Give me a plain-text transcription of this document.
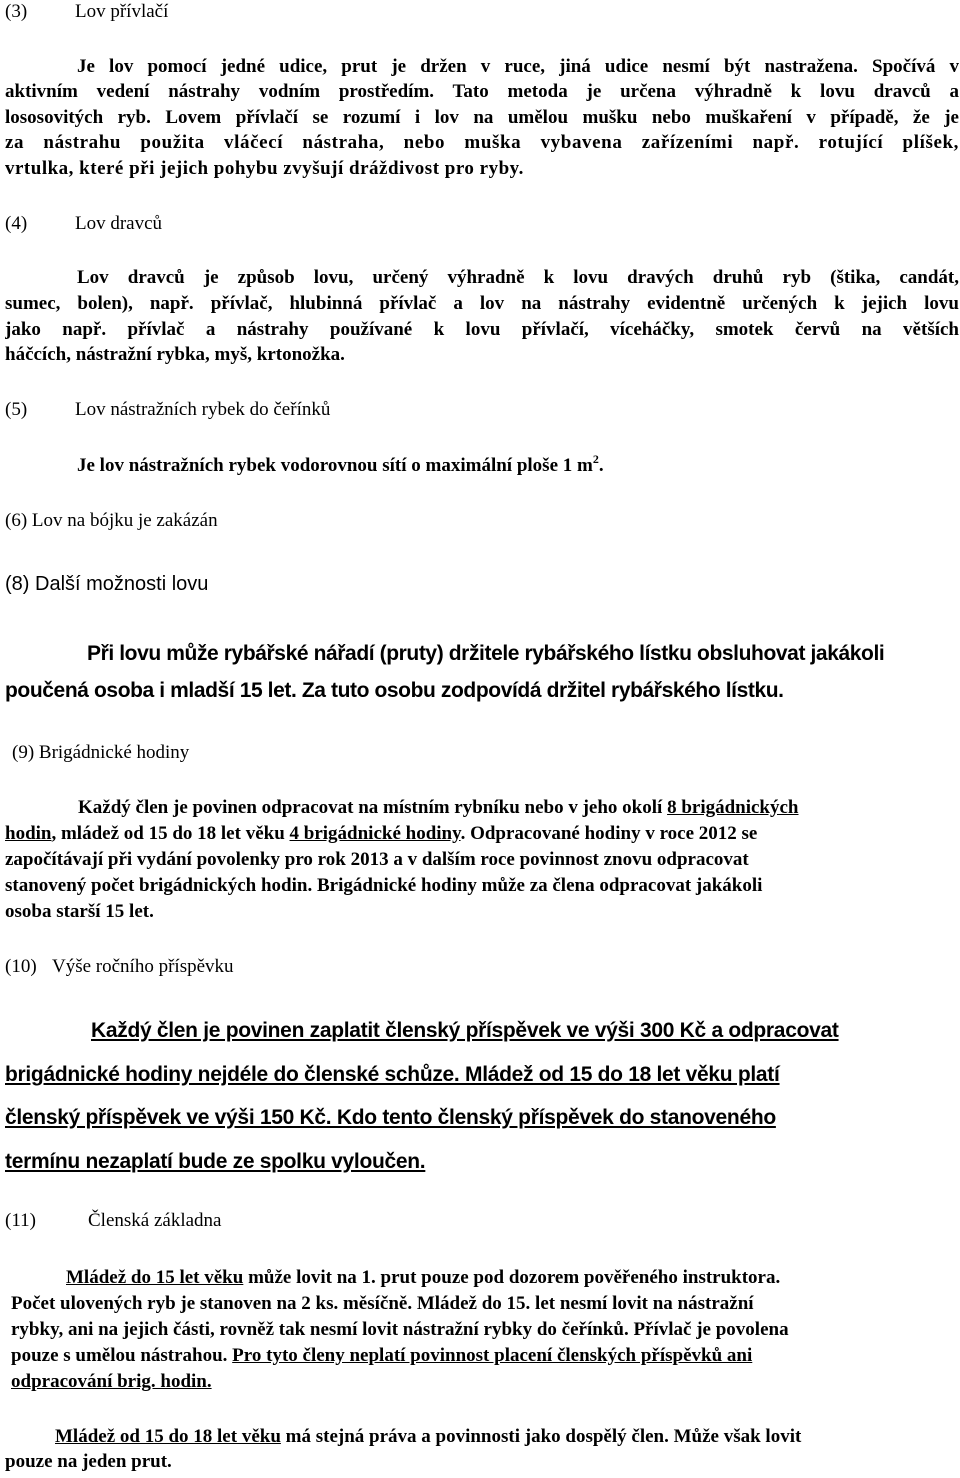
(3)	Lov přívlačí
Je lov pomocí jedné udice, prut je držen v ruce, jiná udice nesmí být nastražena. Spočívá v
aktivním vedení nástrahy vodním prostředím. Tato metoda je určena výhradně k lovu dravců a
lososovitých ryb. Lovem přívlačí se rozumí i lov na umělou mušku nebo muškaření v případě, že je
za nástrahu použita vláčecí nástraha, nebo muška vybavena zařízeními např. rotující plíšek,
vrtulka, které při jejich pohybu zvyšují dráždivost pro ryby.
(4)	Lov dravců
Lov dravců je způsob lovu, určený výhradně k lovu dravých druhů ryb (štika, candát,
sumec, bolen), např. přívlač, hlubinná přívlač a lov na nástrahy evidentně určených k jejich lovu
jako např. přívlač a nástrahy používané k lovu přívlačí, víceháčky, smotek červů na větších
háčcích, nástražní rybka, myš, krtonožka.
(5)	Lov nástražních rybek do čeřínků
Je lov nástražních rybek vodorovnou sítí o maximální ploše 1 $m^2$.
(6) Lov na bójku je zakázán
(8) Další možnosti lovu
Při lovu může rybářské nářadí (pruty) držitele rybářského lístku obsluhovat jakákoli
poučená osoba i mladší 15 let. Za tuto osobu zodpovídá držitel rybářského lístku.
(9) Brigádnické hodiny
Každý člen je povinen odpracovat na místním rybníku nebo v jeho okolí 8 brigádnických
hodin, mládež od 15 do 18 let věku 4 brigádnické hodiny. Odpracované hodiny v roce 2012 se
započítávají při vydání povolenky pro rok 2013 a v dalším roce povinnost znovu odpracovat
stanovený počet brigádnických hodin. Brigádnické hodiny může za člena odpracovat jakákoli
osoba starší 15 let.
(10) Výše ročního příspěvku
Každý člen je povinen zaplatit členský příspěvek ve výši 300 Kč a odpracovat
brigádnické hodiny nejdéle do členské schůze. Mládež od 15 do 18 let věku platí
členský příspěvek ve výši 150 Kč. Kdo tento členský příspěvek do stanoveného
termínu nezaplatí bude ze spolku vyloučen.
(11)	Členská základna
Mládež do 15 let věku může lovit na 1. prut pouze pod dozorem pověřeného instruktora.
Počet ulovených ryb je stanoven na 2 ks. měsíčně. Mládež do 15. let nesmí lovit na nástražní
rybky, ani na jejich části, rovněž tak nesmí lovit nástražní rybky do čeřínků. Přívlač je povolena
pouze s umělou nástrahou. Pro tyto členy neplatí povinnost placení členských příspěvků ani
odpracování brig. hodin.
Mládež od 15 do 18 let věku má stejná práva a povinnosti jako dospělý člen. Může však lovit
pouze na jeden prut.
